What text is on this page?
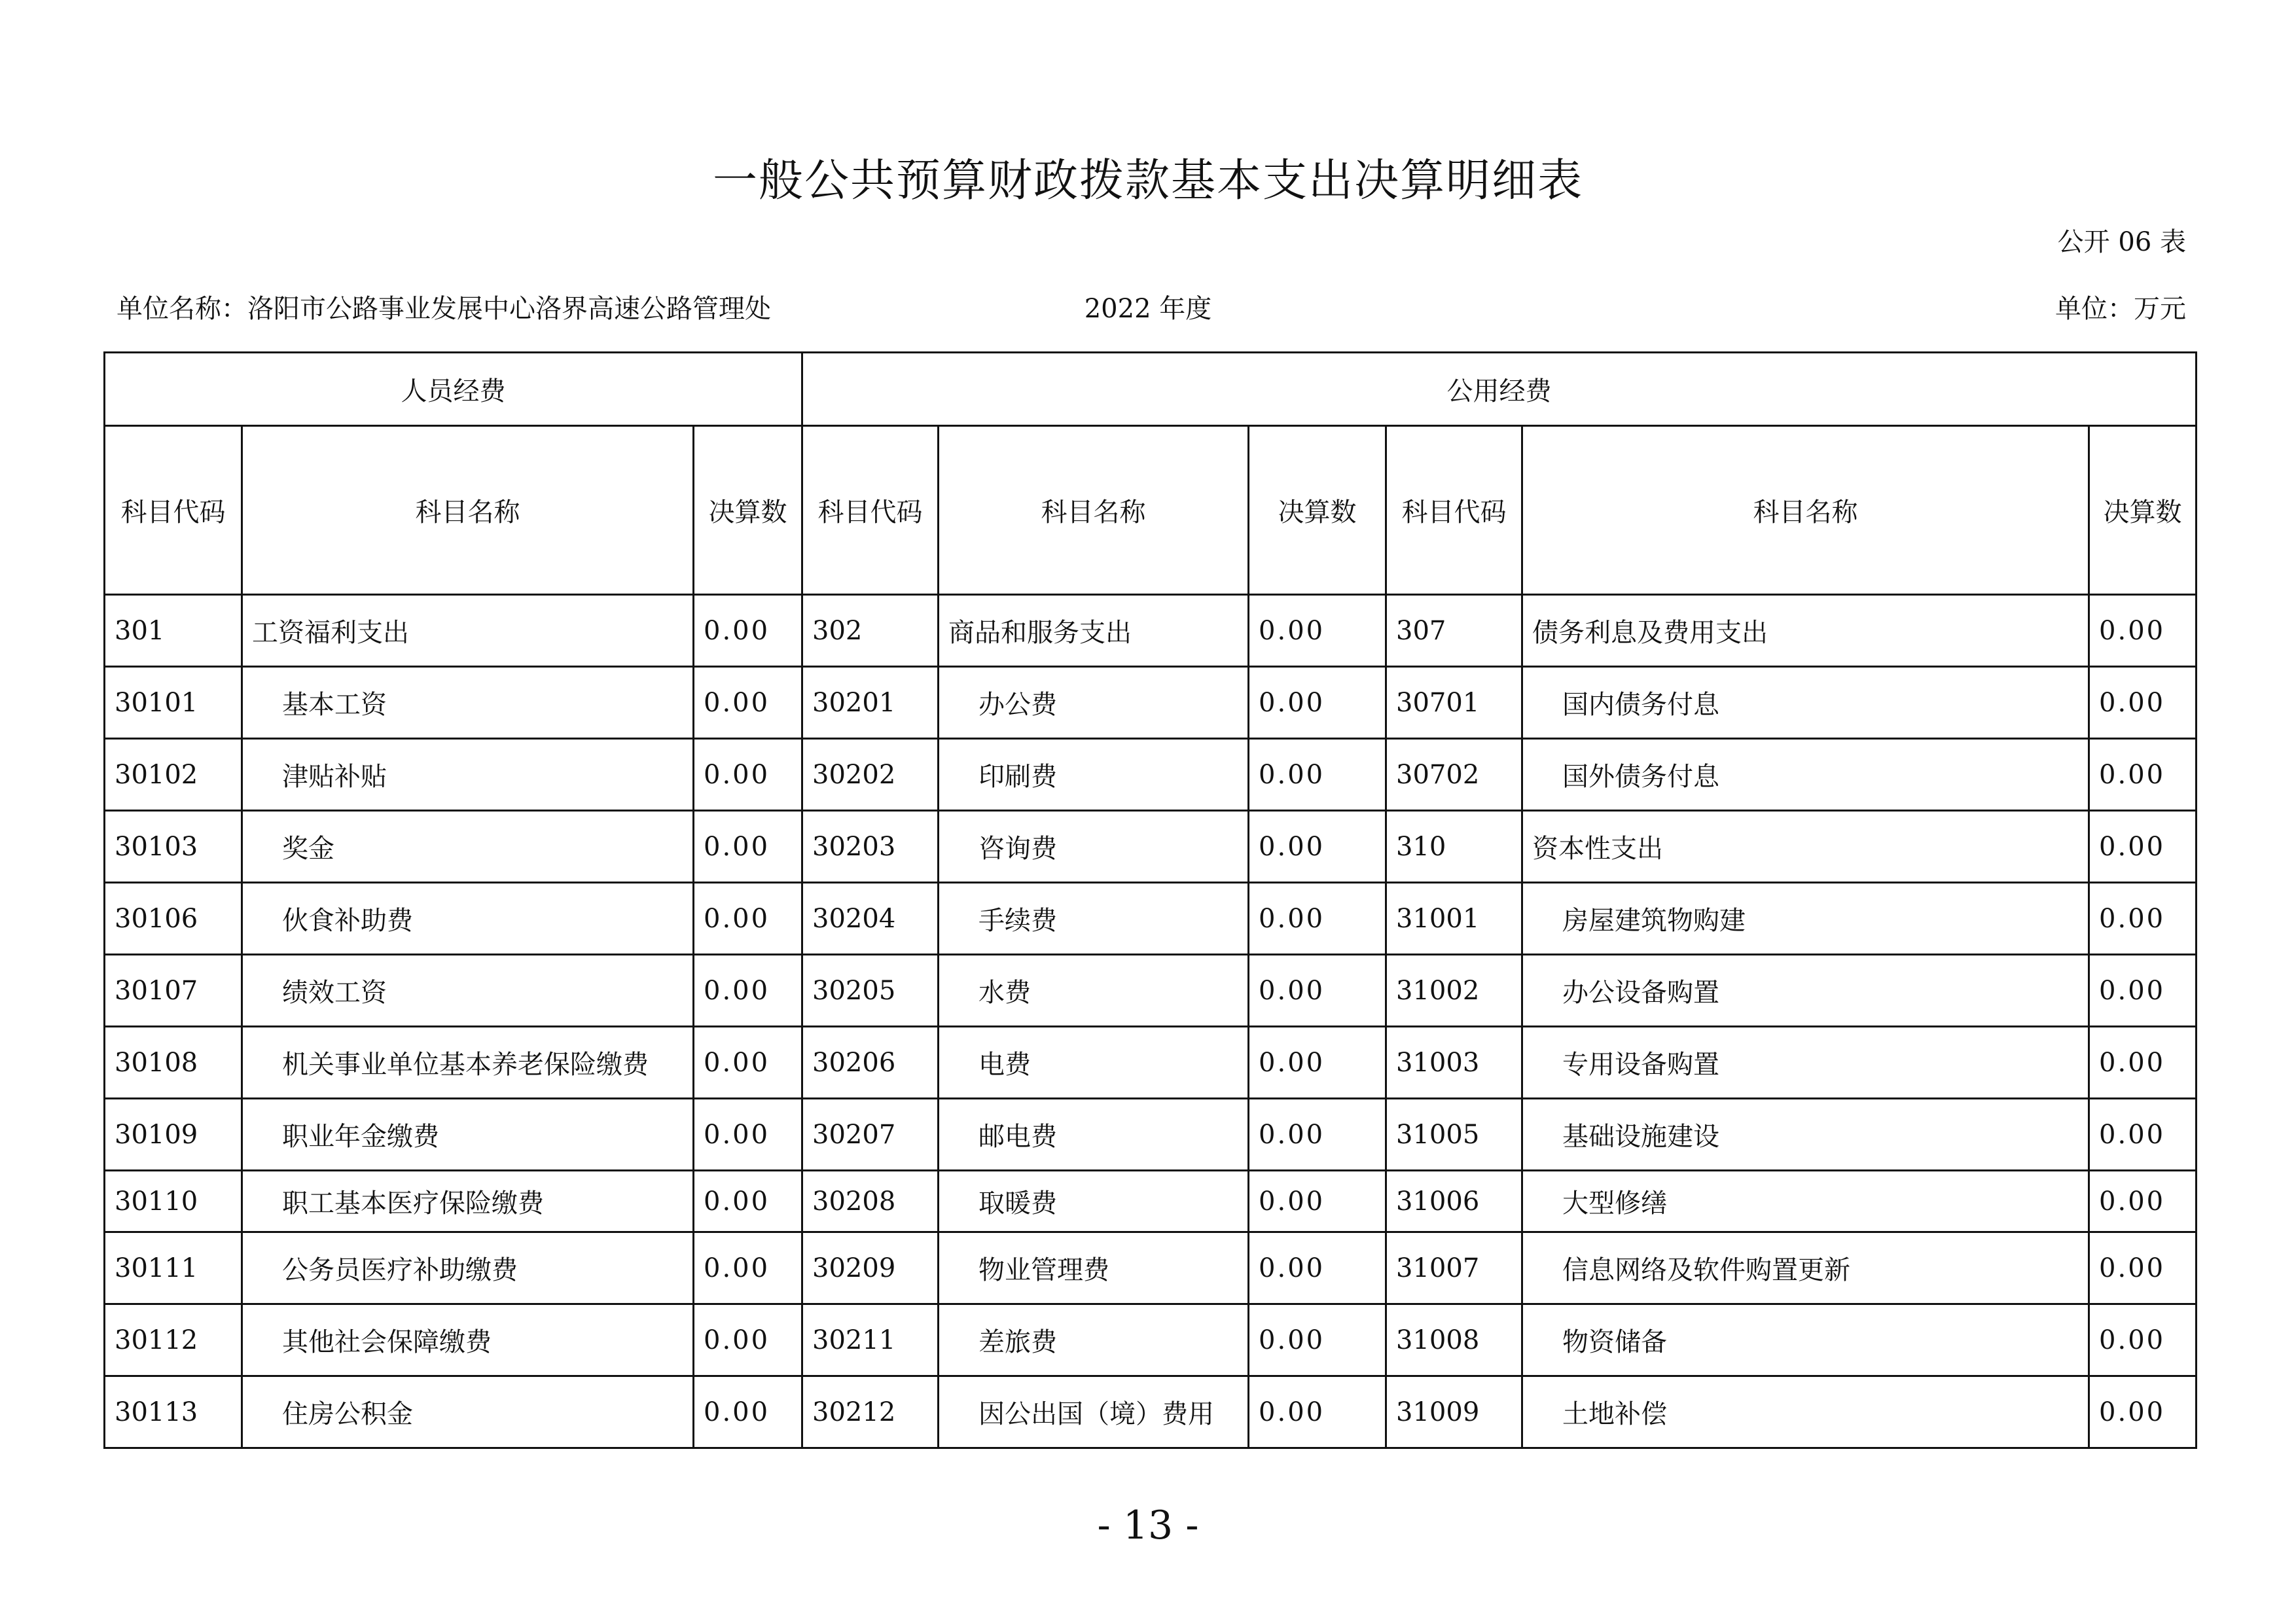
一般公共预算财政拨款基本支出决算明细表
公开 06 表
单位名称：洛阳市公路事业发展中心洛界高速公路管理处	2022 年度	单位：万元
人员经费			公用经费					
科目代码	科目名称	决算数	科目代码	科目名称	决算数	科目代码	科目名称	决算数
301	工资福利支出	0.00	302	商品和服务支出	0.00	307	债务利息及费用支出	0.00
30101	基本工资	0.00	30201	办公费	0.00	30701	国内债务付息	0.00
30102	津贴补贴	0.00	30202	印刷费	0.00	30702	国外债务付息	0.00
30103	奖金	0.00	30203	咨询费	0.00	310	资本性支出	0.00
30106	伙食补助费	0.00	30204	手续费	0.00	31001	房屋建筑物购建	0.00
30107	绩效工资	0.00	30205	水费	0.00	31002	办公设备购置	0.00
30108	机关事业单位基本养老保险缴费	0.00	30206	电费	0.00	31003	专用设备购置	0.00
30109	职业年金缴费	0.00	30207	邮电费	0.00	31005	基础设施建设	0.00
30110	职工基本医疗保险缴费	0.00	30208	取暖费	0.00	31006	大型修缮	0.00
30111	公务员医疗补助缴费	0.00	30209	物业管理费	0.00	31007	信息网络及软件购置更新	0.00
30112	其他社会保障缴费	0.00	30211	差旅费	0.00	31008	物资储备	0.00
30113	住房公积金	0.00	30212	因公出国（境）费用	0.00	31009	土地补偿	0.00
- 13 -
